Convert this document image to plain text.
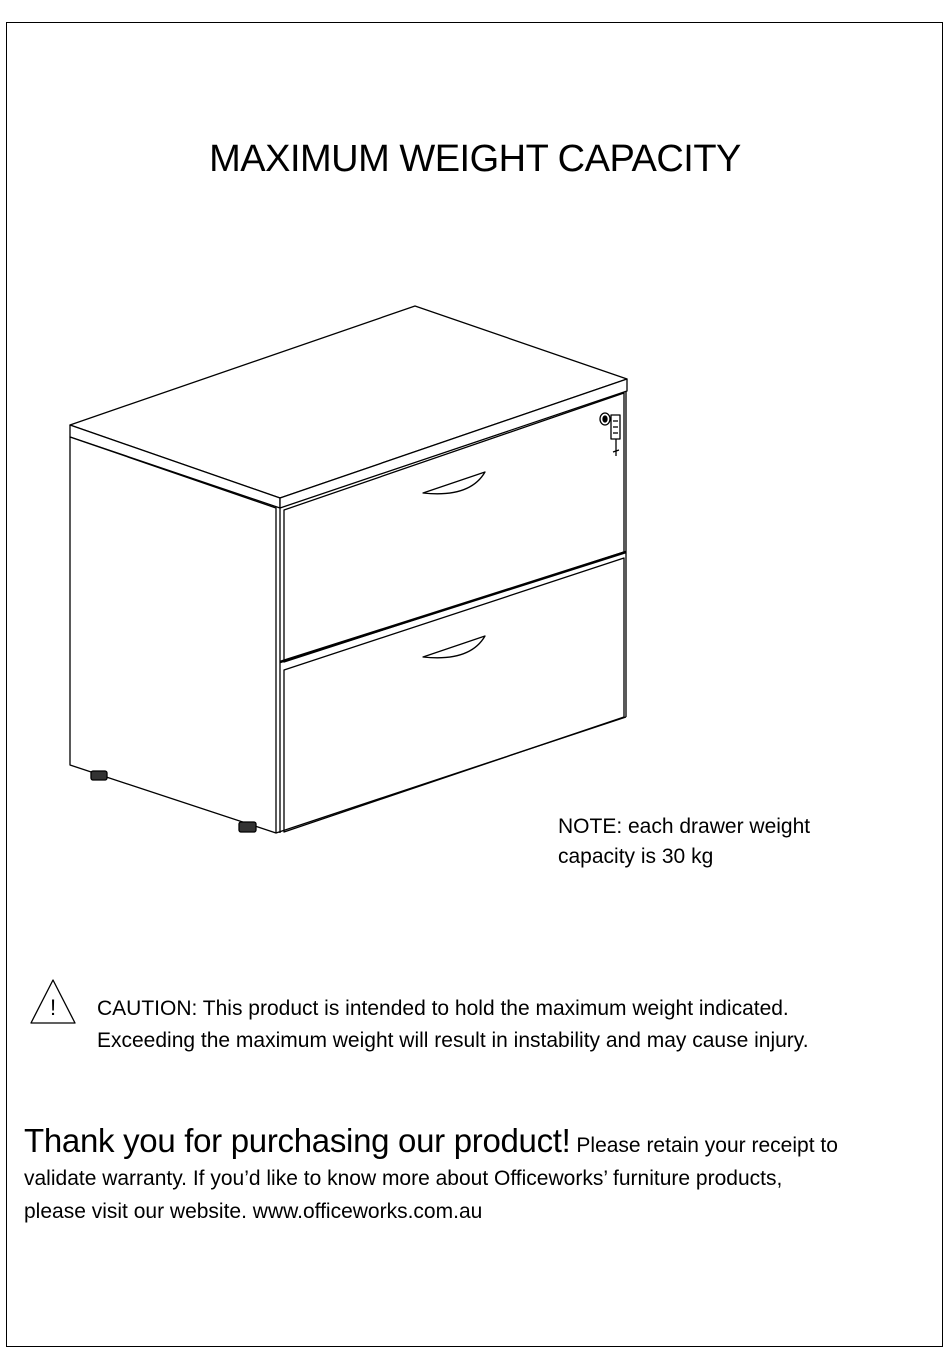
MAXIMUM WEIGHT CAPACITY
NOTE: each drawer weight
capacity is 30 kg
! CAUTION: This product is intended to hold the maximum weight indicated.
Exceeding the maximum weight will result in instability and may cause injury.
Thank you for purchasing our product! Please retain your receipt to
validate warranty. If you’d like to know more about Officeworks’ furniture products,
please visit our website. www.officeworks.com.au
